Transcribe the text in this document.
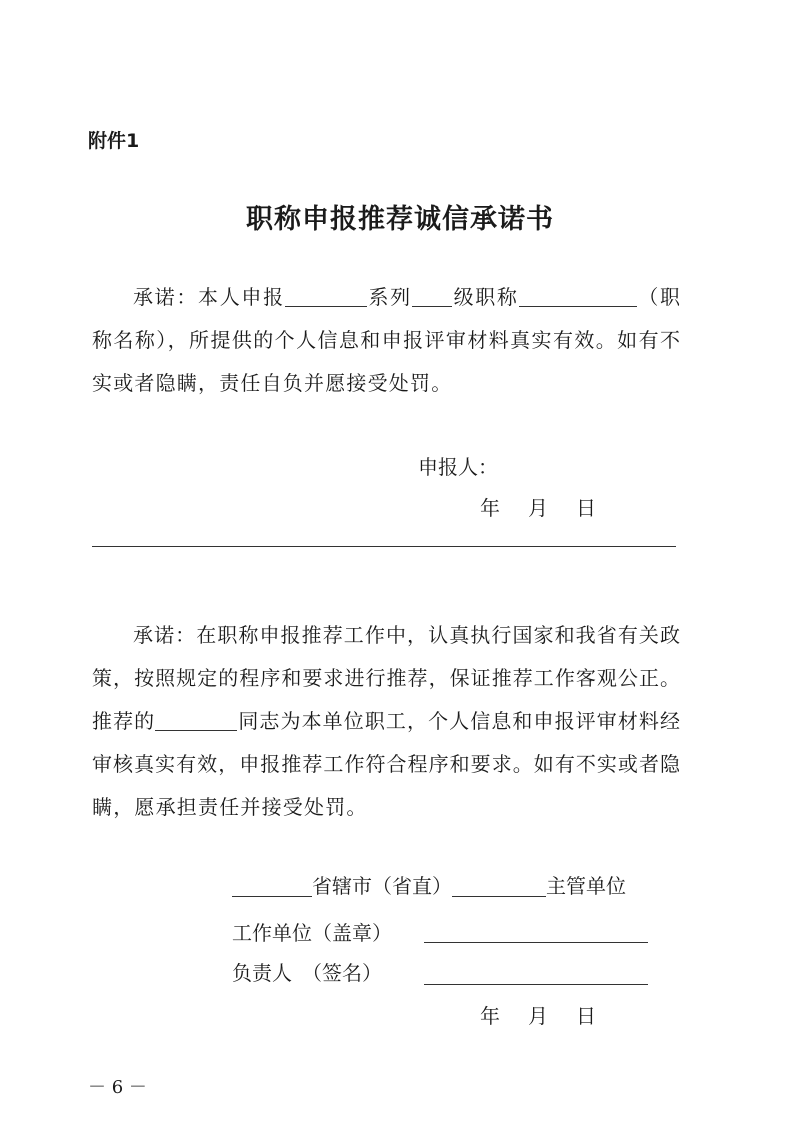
附件1
职称申报推荐诚信承诺书
承诺：本人申报	系列 级职称	（职
称名称），所提供的个人信息和申报评审材料真实有效。如有不
实或者隐瞒，责任自负并愿接受处罚。
申报人：
年　月　日
承诺：在职称申报推荐工作中，认真执行国家和我省有关政
策，按照规定的程序和要求进行推荐，保证推荐工作客观公正。
推荐的	同志为本单位职工，个人信息和申报评审材料经
审核真实有效，申报推荐工作符合程序和要求。如有不实或者隐
瞒，愿承担责任并接受处罚。
省辖市（省直）	主管单位
工作单位（盖章）
负责人　（签名）
年　月　日
－ 6 －
